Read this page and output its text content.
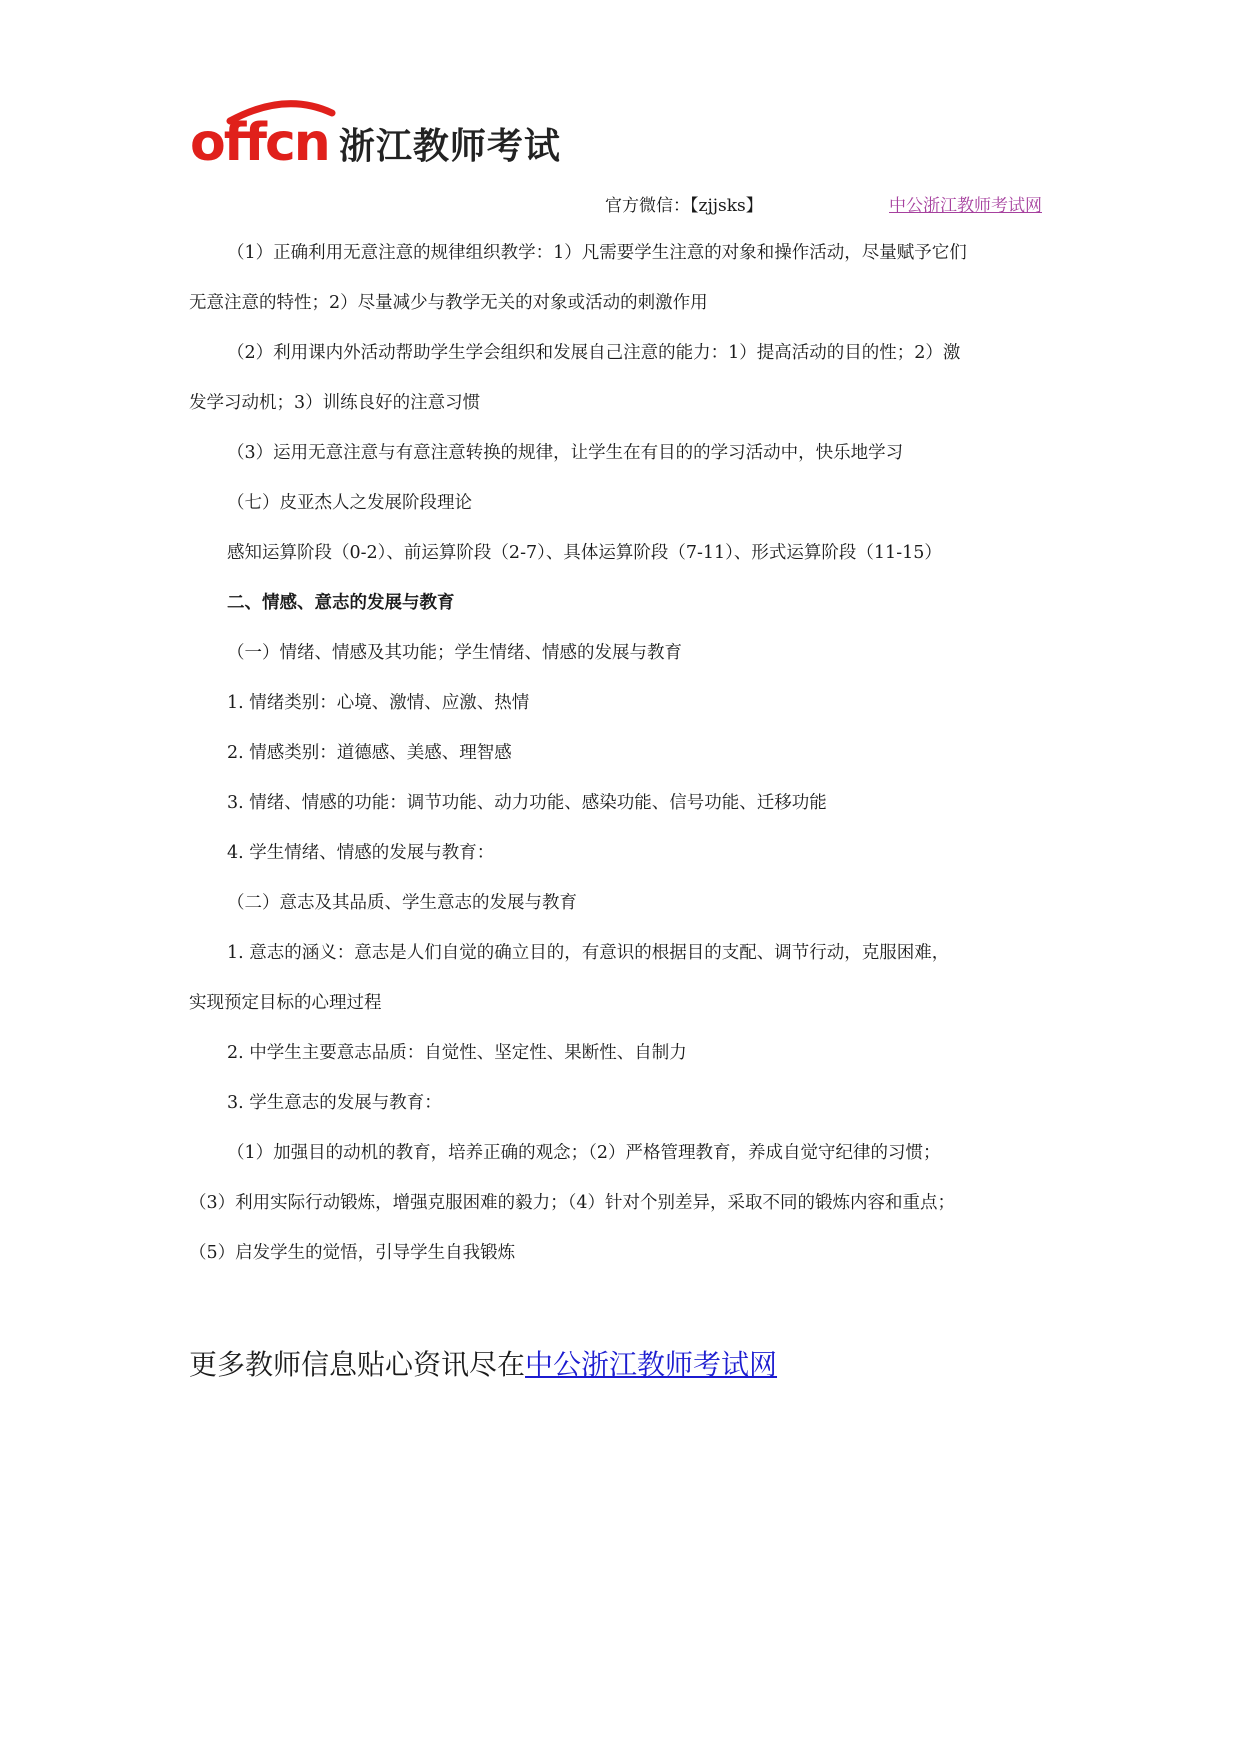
offcn 浙江教师考试
官方微信：【zjjsks】	中公浙江教师考试网
（1）正确利用无意注意的规律组织教学：1）凡需要学生注意的对象和操作活动，尽量赋予它们
无意注意的特性；2）尽量减少与教学无关的对象或活动的刺激作用
（2）利用课内外活动帮助学生学会组织和发展自己注意的能力：1）提高活动的目的性；2）激
发学习动机；3）训练良好的注意习惯
（3）运用无意注意与有意注意转换的规律，让学生在有目的的学习活动中，快乐地学习
（七）皮亚杰人之发展阶段理论
感知运算阶段（0-2）、前运算阶段（2-7）、具体运算阶段（7-11）、形式运算阶段（11-15）
二、情感、意志的发展与教育
（一）情绪、情感及其功能；学生情绪、情感的发展与教育
1. 情绪类别：心境、激情、应激、热情
2. 情感类别：道德感、美感、理智感
3. 情绪、情感的功能：调节功能、动力功能、感染功能、信号功能、迁移功能
4. 学生情绪、情感的发展与教育：
（二）意志及其品质、学生意志的发展与教育
1. 意志的涵义：意志是人们自觉的确立目的，有意识的根据目的支配、调节行动，克服困难，
实现预定目标的心理过程
2. 中学生主要意志品质：自觉性、坚定性、果断性、自制力
3. 学生意志的发展与教育：
（1）加强目的动机的教育，培养正确的观念；（2）严格管理教育，养成自觉守纪律的习惯；
（3）利用实际行动锻炼，增强克服困难的毅力；（4）针对个别差异，采取不同的锻炼内容和重点；
（5）启发学生的觉悟，引导学生自我锻炼
更多教师信息贴心资讯尽在中公浙江教师考试网
